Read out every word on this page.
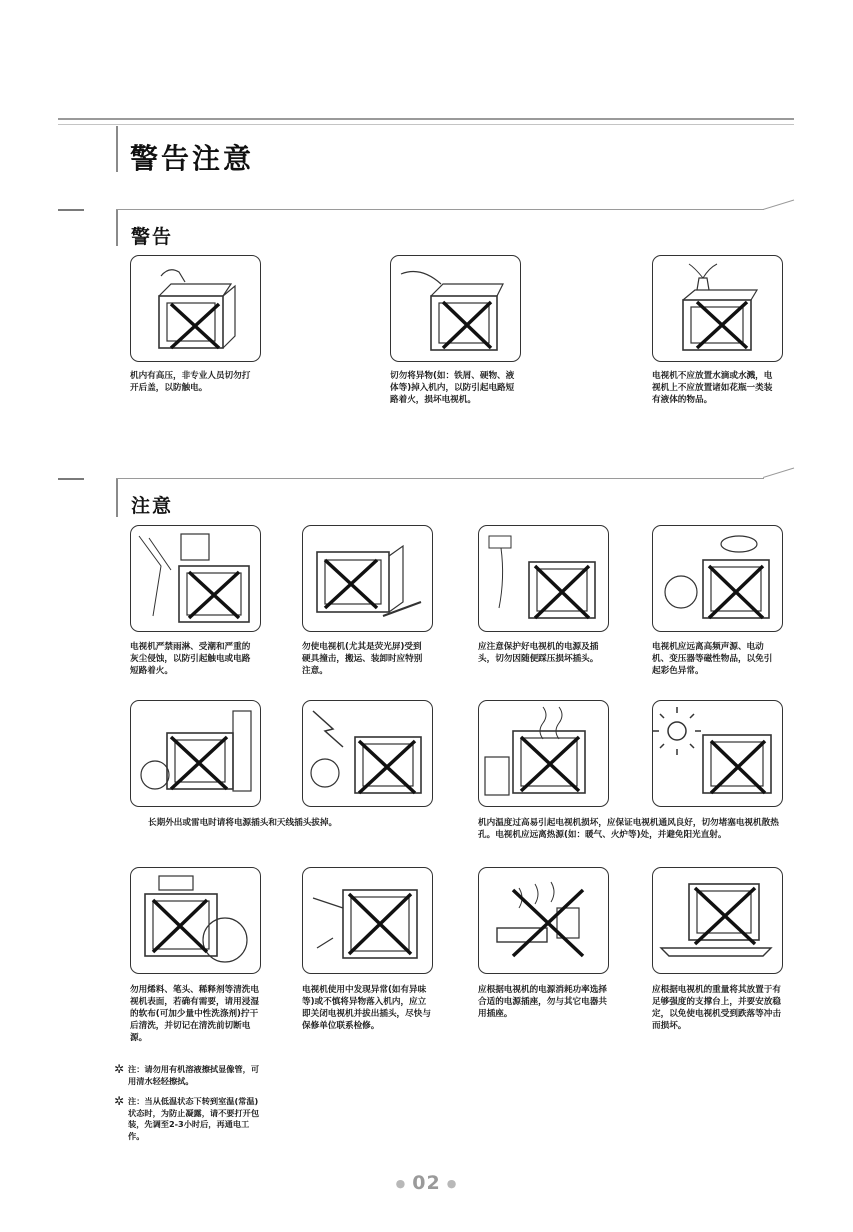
警告注意
警告
机内有高压，非专业人员切勿打开后盖，以防触电。
切勿将异物(如：铁屑、硬物、液体等)掉入机内，以防引起电路短路着火，损坏电视机。
电视机不应放置水滴或水溅，电视机上不应放置诸如花瓶一类装有液体的物品。
注意
电视机严禁雨淋、受潮和严重的灰尘侵蚀，以防引起触电或电路短路着火。
勿使电视机(尤其是荧光屏)受到硬具撞击，搬运、装卸时应特别注意。
应注意保护好电视机的电源及插头，切勿因随便踩压损坏插头。
电视机应远离高频声源、电动机、变压器等磁性物品，以免引起彩色异常。
长期外出或雷电时请将电源插头和天线插头拔掉。	机内温度过高易引起电视机损坏，应保证电视机通风良好，切勿堵塞电视机散热孔。电视机应远离热源(如：暖气、火炉等)处，并避免阳光直射。
勿用烯料、笔头、稀释剂等清洗电视机表面，若确有需要，请用浸湿的软布(可加少量中性洗涤剂)拧干后清洗，并切记在清洗前切断电源。
电视机使用中发现异常(如有异味等)或不慎将异物落入机内，应立即关闭电视机并拔出插头，尽快与保修单位联系检修。
应根据电视机的电源消耗功率选择合适的电源插座，勿与其它电器共用插座。
应根据电视机的重量将其放置于有足够强度的支撑台上，并要安放稳定，以免使电视机受到跌落等冲击而损坏。
✲ 注：请勿用有机溶液擦拭显像管，可用清水轻轻擦拭。
✲ 注：当从低温状态下转到室温(常温)状态时，为防止凝露，请不要打开包装，先调至2-3小时后，再通电工作。
● 02 ●
